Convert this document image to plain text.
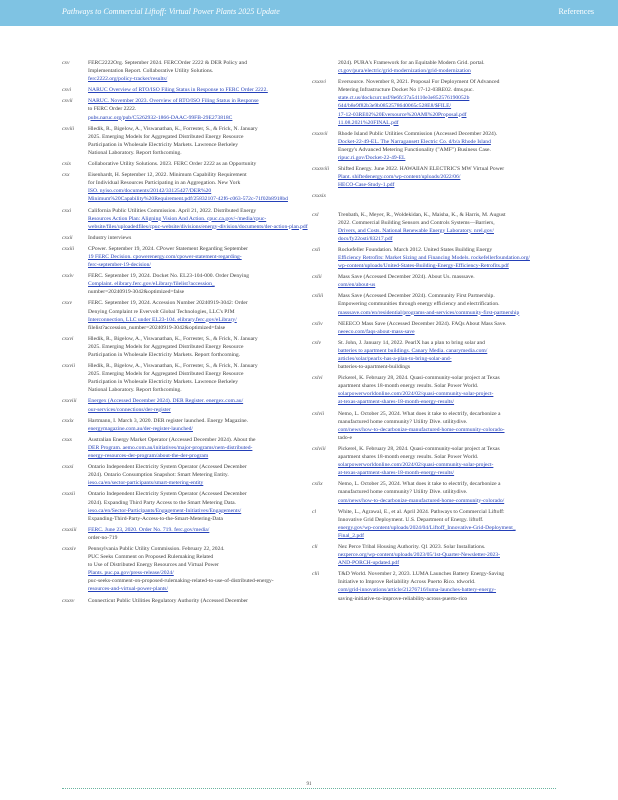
Pathways to Commercial Liftoff: Virtual Power Plants 2025 Update	References
cxv	FERC2222Org. September 2024. FERCOrder 2222 & DER Policy and
Implementation Report. Collaborative Utility Solutions.
ferc2222.org/policy-tracker/results/
cxvi	NARUC Overview of RTO/ISO Filing Status in Response to FERC Order 2222.
cxvii	NARUC. November 2023. Overview of RTO/ISO Filing Status in Response
to FERC Order 2222.
pubs.naruc.org/pub/C5262932-1866-DAAC-99FB-29E273818C
cxviii	Hledik, R., Bigelow, A., Viswanathan, K., Forrester, S., & Frick, N. January
2025. Emerging Models for Aggregated Distributed Energy Resource
Participation in Wholesale Electricity Markets. Lawrence Berkeley
National Laboratory. Report forthcoming.
cxix	Collaborative Utility Solutions. 2023. FERC Order 2222 as an Opportunity
cxx	Eisenhardt, H. September 12, 2022. Minimum Capability Requirement
for Individual Resources Participating in an Aggregation. New York
ISO. nyiso.com/documents/20142/33125427/DER%20
Minimum%20Capability%20Requirement.pdf/25832107-42f6-c063-572c-71f02b8918bd
cxxi	California Public Utilities Commission. April 21, 2022. Distributed Energy
Resources Action Plan: Aligning Vision And Action. cpuc.ca.gov/-/media/cpuc-
website/files/uploadedfiles/cpuc-website/divisions/energy-division/documents/der-action-plan.pdf
cxxii	Industry interviews
cxxiii	CPower. September 19, 2024. CPower Statement Regarding September
19 FERC Decision. cpowerenergy.com/cpower-statement-regarding-
ferc-september-19-decision/
cxxiv	FERC. September 19, 2024. Docket No. EL23-104-000. Order Denying
Complaint. elibrary.ferc.gov/eLibrary/filelist?accession_
number=20240919-3042&optimized=false
cxxv	FERC. September 19, 2024. Accession Number 20240919-3042: Order
Denying Complaint re Evervolt Global Technologies, LLC's PJM
Interconnection, LLC under EL23-104. elibrary.ferc.gov/eLibrary/
filelist?accession_number=20240919-3042&optimized=false
cxxvi	Hledik, R., Bigelow, A., Viswanathan, K., Forrester, S., & Frick, N. January
2025. Emerging Models for Aggregated Distributed Energy Resource
Participation in Wholesale Electricity Markets. Report forthcoming.
cxxvii	Hledik, R., Bigelow, A., Viswanathan, K., Forrester, S., & Frick, N. January
2025. Emerging Models for Aggregated Distributed Energy Resource
Participation in Wholesale Electricity Markets. Lawrence Berkeley
National Laboratory. Report forthcoming.
cxxviii	Energex (Accessed December 2024). DER Register. energex.com.au/
our-services/connections/der-register
cxxix	Hartmann, I. March 3, 2020. DER register launched. Energy Magazine.
energymagazine.com.au/der-register-launched/
cxxx	Australian Energy Market Operator (Accessed December 2024). About the
DER Program. aemo.com.au/initiatives/major-programs/nem-distributed-
energy-resources-der-program/about-the-der-program
cxxxi	Ontario Independent Electricity System Operator (Accessed December
2024). Ontario Consumption Snapshot: Smart Metering Entity.
ieso.ca/en/sector-participants/smart-metering-entity
cxxxii	Ontario Independent Electricity System Operator (Accessed December
2024). Expanding Third Party Access to the Smart Metering Data.
ieso.ca/en/Sector-Participants/Engagement-Initiatives/Engagements/
Expanding-Third-Party-Access-to-the-Smart-Metering-Data
cxxxiii	FERC. June 23, 2020. Order No. 719. ferc.gov/media/
order-no-719
cxxxiv	Pennsylvania Public Utility Commission. February 22, 2024.
PUC Seeks Comment on Proposed Rulemaking Related
to Use of Distributed Energy Resources and Virtual Power
Plants. puc.pa.gov/press-release/2024/
puc-seeks-comment-on-proposed-rulemaking-related-to-use-of-distributed-energy-
resources-and-virtual-power-plants/
cxxxv	Connecticut Public Utilities Regulatory Authority (Accessed December
2024). PURA's Framework for an Equitable Modern Grid. portal.
ct.gov/pura/electric/grid-modernization/grid-modernization
cxxxvi	Eversource. November 8, 2021. Proposal For Deployment Of Advanced
Metering Infrastructure Docket No 17-12-03RE02. dms.puc.
state.ct.us/dockcurr.nsf/8e6fc37a54110e3e852576190052b
64d/b8e9f82b3e9b0852578640065c528E8/$FILE/
17-12-03RE02%20Eversource%20AMI%20Proposal.pdf
11.08.2021%20FINAL.pdf
cxxxvii	Rhode Island Public Utilities Commission (Accessed December 2024).
Docket-22-49-EL. The Narragansett Electric Co. d/b/a Rhode Island
Energy's Advanced Metering Functionality ("AMF") Business Case.
ripuc.ri.gov/Docket-22-49-EL
cxxxviii	Shifted Energy. June 2022. HAWAIIAN ELECTRIC'S MW Virtual Power
Plant. shiftedenergy.com/wp-content/uploads/2022/06/
HECO-Case-Study-1.pdf
cxxxix

cxl	Trenbath, K., Meyer, R., Woldekidan, K., Maisha, K., & Harris, M. August
2022. Commercial Building Sensors and Controls Systems—Barriers,
Drivers, and Costs. National Renewable Energy Laboratory. nrel.gov/
docs/fy22osti/83217.pdf
cxli	Rockefeller Foundation. March 2012. United States Building Energy
Efficiency Retrofits: Market Sizing and Financing Models. rockefellerfoundation.org/
wp-content/uploads/United-States-Building-Energy-Efficiency-Retrofits.pdf
cxlii	Mass Save (Accessed December 2024). About Us. masssave.
com/en/about-us
cxliii	Mass Save (Accessed December 2024). Community First Partnership.
Empowering communities through energy efficiency and electrification.
masssave.com/en/residential/programs-and-services/community-first-partnership
cxliv	NEEECO Mass Save (Accessed December 2024). FAQs About Mass Save.
neeeco.com/faqs-about-mass-save
cxlv	St. John, J. January 14, 2022. PearlX has a plan to bring solar and
batteries to apartment buildings. Canary Media. canarymedia.com/
articles/solar/pearlx-has-a-plan-to-bring-solar-and-
batteries-to-apartment-buildings
cxlvi	Pickerel, K. February 28, 2024. Quasi-community-solar project at Texas
apartment shares 18-month energy results. Solar Power World.
solarpowerworldonline.com/2024/02/quasi-community-solar-project-
at-texas-apartment-shares-18-month-energy-results/
cxlvii	Nemo, L. October 25, 2024. What does it take to electrify, decarbonize a
manufactured home community? Utility Dive. utilitydive.
com/news/how-to-decarbonize-manufactured-home-community-colorado-
tado-e
cxlviii	Pickerel, K. February 28, 2024. Quasi-community-solar project at Texas
apartment shares 18-month energy results. Solar Power World.
solarpowerworldonline.com/2024/02/quasi-community-solar-project-
at-texas-apartment-shares-18-month-energy-results/
cxlix	Nemo, L. October 25, 2024. What does it take to electrify, decarbonize a
manufactured home community? Utility Dive. utilitydive.
com/news/how-to-decarbonize-manufactured-home-community-colorado/
cl	White, L., Agrawal, E., et al. April 2024. Pathways to Commercial Liftoff:
Innovative Grid Deployment. U.S. Department of Energy. liftoff.
energy.gov/wp-content/uploads/2024/04/Liftoff_Innovative-Grid-Deployment_
Final_2.pdf
cli	Nez Perce Tribal Housing Authority. Q1 2023. Solar Installations.
nezperce.org/wp-content/uploads/2023/05/1st-Quarter-Newsletter-2023-
AND-PORCH-updated.pdf
clii	T&D World. November 2, 2023. LUMA Launches Battery Energy-Saving
Initiative to Improve Reliability Across Puerto Rico. tdworld.
com/grid-innovations/article/21276716/luma-launches-battery-energy-
saving-initiative-to-improve-reliability-across-puerto-rico
91
